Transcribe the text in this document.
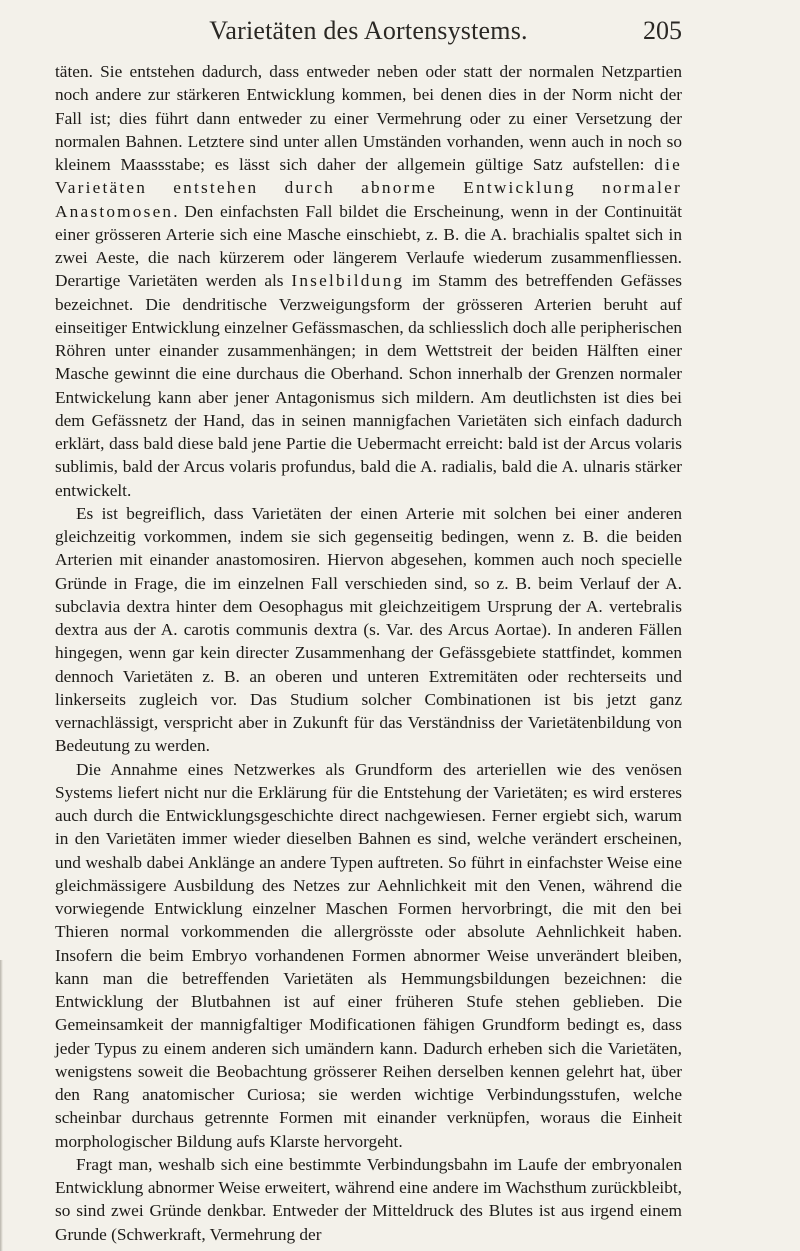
Varietäten des Aortensystems.	205

täten. Sie entstehen dadurch, dass entweder neben oder statt der normalen Netzpartien noch andere zur stärkeren Entwicklung kommen, bei denen dies in der Norm nicht der Fall ist; dies führt dann entweder zu einer Vermehrung oder zu einer Versetzung der normalen Bahnen. Letztere sind unter allen Umständen vorhanden, wenn auch in noch so kleinem Maassstabe; es lässt sich daher der allgemein gültige Satz aufstellen: die Varietäten entstehen durch abnorme Entwicklung normaler Anastomosen. Den einfachsten Fall bildet die Erscheinung, wenn in der Continuität einer grösseren Arterie sich eine Masche einschiebt, z. B. die A. brachialis spaltet sich in zwei Aeste, die nach kürzerem oder längerem Verlaufe wiederum zusammenfliessen. Derartige Varietäten werden als Inselbildung im Stamm des betreffenden Gefässes bezeichnet. Die dendritische Verzweigungsform der grösseren Arterien beruht auf einseitiger Entwicklung einzelner Gefässmaschen, da schliesslich doch alle peripherischen Röhren unter einander zusammenhängen; in dem Wettstreit der beiden Hälften einer Masche gewinnt die eine durchaus die Oberhand. Schon innerhalb der Grenzen normaler Entwickelung kann aber jener Antagonismus sich mildern. Am deutlichsten ist dies bei dem Gefässnetz der Hand, das in seinen mannigfachen Varietäten sich einfach dadurch erklärt, dass bald diese bald jene Partie die Uebermacht erreicht: bald ist der Arcus volaris sublimis, bald der Arcus volaris profundus, bald die A. radialis, bald die A. ulnaris stärker entwickelt.

Es ist begreiflich, dass Varietäten der einen Arterie mit solchen bei einer anderen gleichzeitig vorkommen, indem sie sich gegenseitig bedingen, wenn z. B. die beiden Arterien mit einander anastomosiren. Hiervon abgesehen, kommen auch noch specielle Gründe in Frage, die im einzelnen Fall verschieden sind, so z. B. beim Verlauf der A. subclavia dextra hinter dem Oesophagus mit gleichzeitigem Ursprung der A. vertebralis dextra aus der A. carotis communis dextra (s. Var. des Arcus Aortae). In anderen Fällen hingegen, wenn gar kein directer Zusammenhang der Gefässgebiete stattfindet, kommen dennoch Varietäten z. B. an oberen und unteren Extremitäten oder rechterseits und linkerseits zugleich vor. Das Studium solcher Combinationen ist bis jetzt ganz vernachlässigt, verspricht aber in Zukunft für das Verständniss der Varietätenbildung von Bedeutung zu werden.

Die Annahme eines Netzwerkes als Grundform des arteriellen wie des venösen Systems liefert nicht nur die Erklärung für die Entstehung der Varietäten; es wird ersteres auch durch die Entwicklungsgeschichte direct nachgewiesen. Ferner ergiebt sich, warum in den Varietäten immer wieder dieselben Bahnen es sind, welche verändert erscheinen, und weshalb dabei Anklänge an andere Typen auftreten. So führt in einfachster Weise eine gleichmässigere Ausbildung des Netzes zur Aehnlichkeit mit den Venen, während die vorwiegende Entwicklung einzelner Maschen Formen hervorbringt, die mit den bei Thieren normal vorkommenden die allergrösste oder absolute Aehnlichkeit haben. Insofern die beim Embryo vorhandenen Formen abnormer Weise unverändert bleiben, kann man die betreffenden Varietäten als Hemmungsbildungen bezeichnen: die Entwicklung der Blutbahnen ist auf einer früheren Stufe stehen geblieben. Die Gemeinsamkeit der mannigfaltiger Modificationen fähigen Grundform bedingt es, dass jeder Typus zu einem anderen sich umändern kann. Dadurch erheben sich die Varietäten, wenigstens soweit die Beobachtung grösserer Reihen derselben kennen gelehrt hat, über den Rang anatomischer Curiosa; sie werden wichtige Verbindungsstufen, welche scheinbar durchaus getrennte Formen mit einander verknüpfen, woraus die Einheit morphologischer Bildung aufs Klarste hervorgeht.

Fragt man, weshalb sich eine bestimmte Verbindungsbahn im Laufe der embryonalen Entwicklung abnormer Weise erweitert, während eine andere im Wachsthum zurückbleibt, so sind zwei Gründe denkbar. Entweder der Mitteldruck des Blutes ist aus irgend einem Grunde (Schwerkraft, Vermehrung der
